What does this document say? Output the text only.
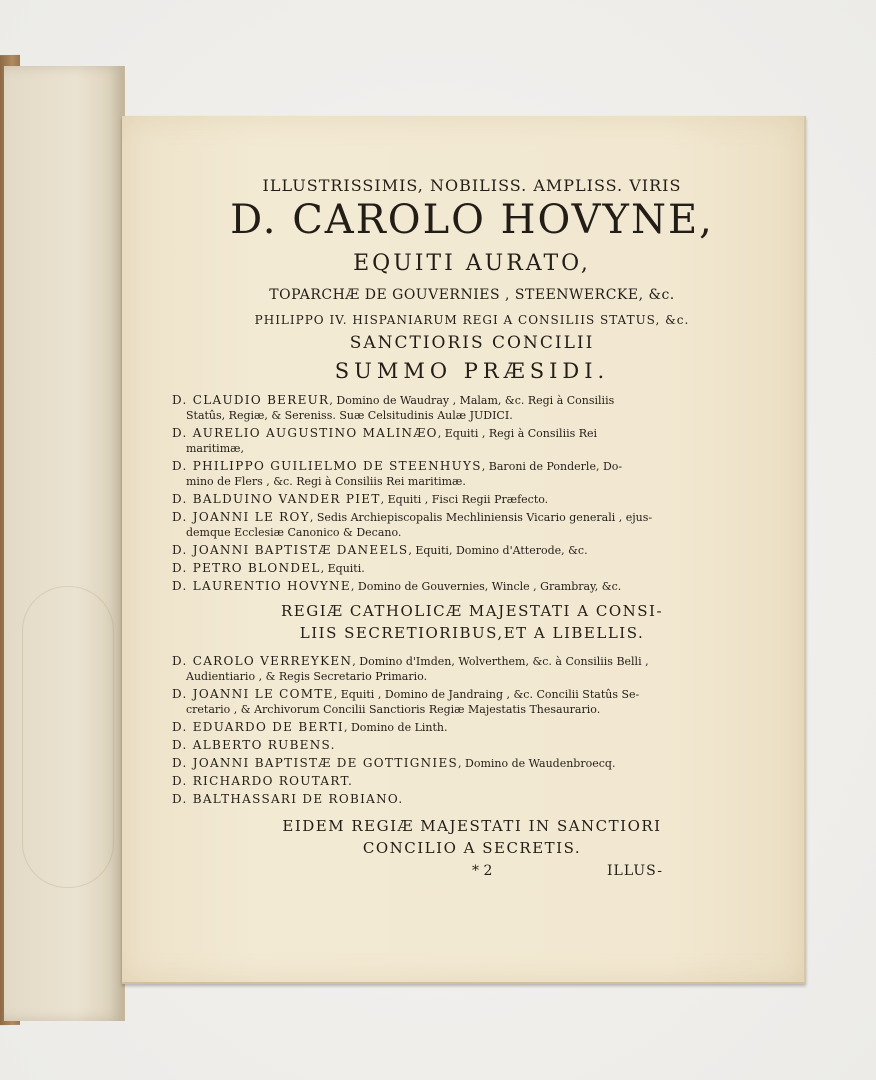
ILLUSTRISSIMIS, NOBILISS. AMPLISS. VIRIS
D. CAROLO HOVYNE,
EQUITI AURATO,
TOPARCHÆ DE GOUVERNIES , STEENWERCKE, &c.
PHILIPPO IV. HISPANIARUM REGI A CONSILIIS STATUS, &c.
SANCTIORIS CONCILII
SUMMO PRÆSIDI.
D. CLAUDIO BEREUR, Domino de Waudray , Malam, &c. Regi à Consiliis
Statûs, Regiæ, & Sereniss. Suæ Celsitudinis Aulæ JUDICI.
D. AURELIO AUGUSTINO MALINÆO, Equiti , Regi à Consiliis Rei
maritimæ,
D. PHILIPPO GUILIELMO DE STEENHUYS, Baroni de Ponderle, Do-
mino de Flers , &c. Regi à Consiliis Rei maritimæ.
D. BALDUINO VANDER PIET, Equiti , Fisci Regii Præfecto.
D. JOANNI LE ROY, Sedis Archiepiscopalis Mechliniensis Vicario generali , ejus-
demque Ecclesiæ Canonico & Decano.
D. JOANNI BAPTISTÆ DANEELS, Equiti, Domino d'Atterode, &c.
D. PETRO BLONDEL, Equiti.
D. LAURENTIO HOVYNE, Domino de Gouvernies, Wincle , Grambray, &c.
REGIÆ CATHOLICÆ MAJESTATI A CONSI-
LIIS SECRETIORIBUS,ET A LIBELLIS.
D. CAROLO VERREYKEN, Domino d'Imden, Wolverthem, &c. à Consiliis Belli ,
Audientiario , & Regis Secretario Primario.
D. JOANNI LE COMTE, Equiti , Domino de Jandraing , &c. Concilii Statûs Se-
cretario , & Archivorum Concilii Sanctioris Regiæ Majestatis Thesaurario.
D. EDUARDO DE BERTI, Domino de Linth.
D. ALBERTO RUBENS.
D. JOANNI BAPTISTÆ DE GOTTIGNIES, Domino de Waudenbroecq.
D. RICHARDO ROUTART.
D. BALTHASSARI DE ROBIANO.
EIDEM REGIÆ MAJESTATI IN SANCTIORI
CONCILIO A SECRETIS.
* 2	ILLUS-
